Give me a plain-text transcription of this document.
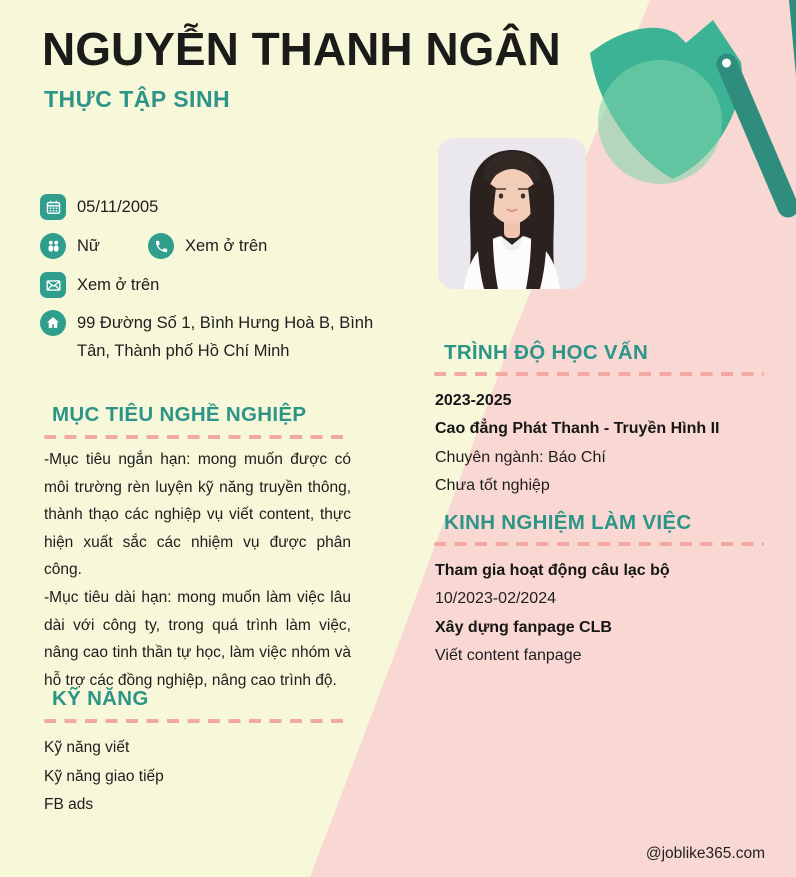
NGUYỄN THANH NGÂN
THỰC TẬP SINH
05/11/2005
Nữ	Xem ở trên
Xem ở trên
99 Đường Số 1, Bình Hưng Hoà B, Bình Tân, Thành phố Hồ Chí Minh
MỤC TIÊU NGHỀ NGHIỆP

-Mục tiêu ngắn hạn: mong muốn được có môi trường rèn luyện kỹ năng truyền thông, thành thạo các nghiệp vụ viết content, thực hiện xuất sắc các nhiệm vụ được phân công.

-Mục tiêu dài hạn: mong muốn làm việc lâu dài với công ty, trong quá trình làm việc, nâng cao tinh thần tự học, làm việc nhóm và hỗ trợ các đồng nghiệp, nâng cao trình độ.

KỸ NĂNG
Kỹ năng viết
Kỹ năng giao tiếp
FB ads
TRÌNH ĐỘ HỌC VẤN
2023-2025
Cao đẳng Phát Thanh - Truyền Hình II
Chuyên ngành: Báo Chí
Chưa tốt nghiệp
KINH NGHIỆM LÀM VIỆC
Tham gia hoạt động câu lạc bộ
10/2023-02/2024
Xây dựng fanpage CLB
Viết content fanpage
@joblike365.com
